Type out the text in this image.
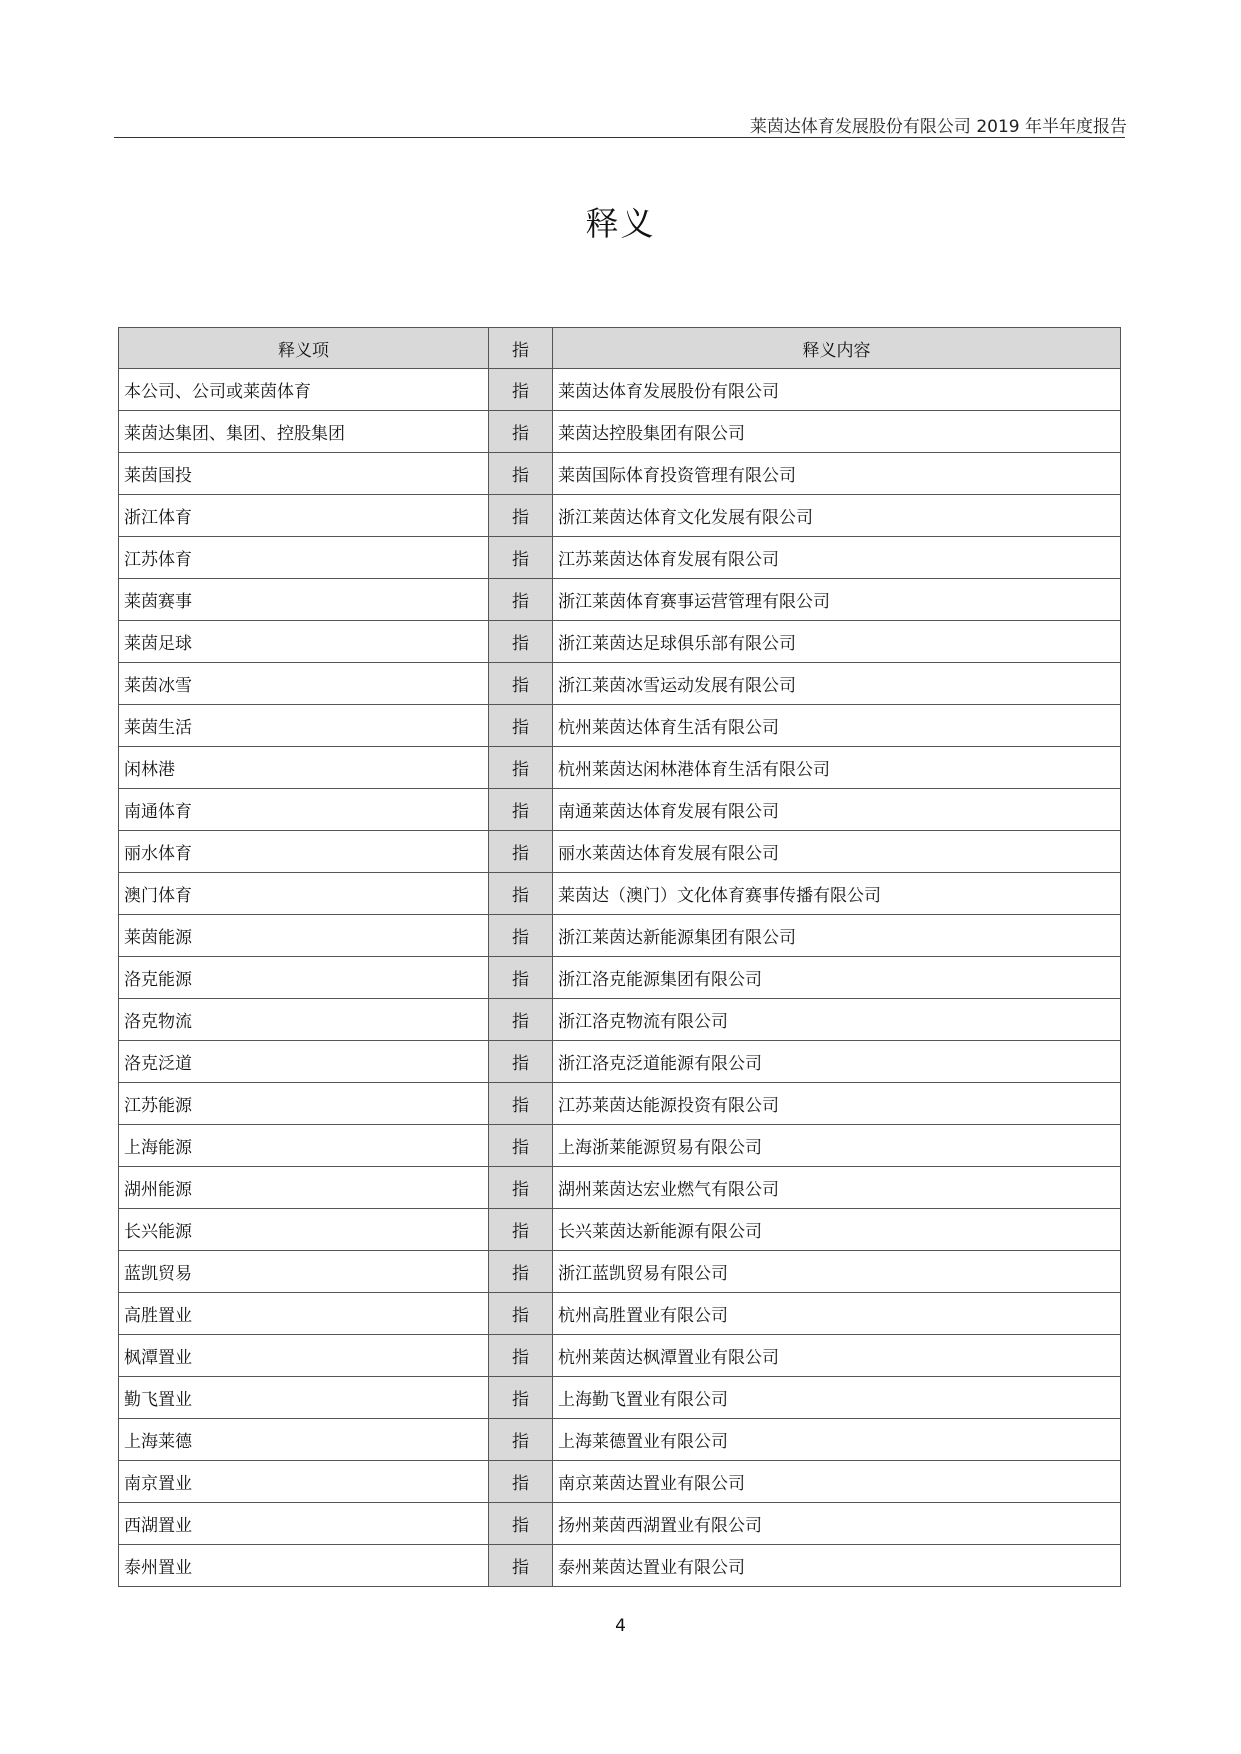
莱茵达体育发展股份有限公司 2019 年半年度报告
释义
释义项	指	释义内容
本公司、公司或莱茵体育	指	莱茵达体育发展股份有限公司
莱茵达集团、集团、控股集团	指	莱茵达控股集团有限公司
莱茵国投	指	莱茵国际体育投资管理有限公司
浙江体育	指	浙江莱茵达体育文化发展有限公司
江苏体育	指	江苏莱茵达体育发展有限公司
莱茵赛事	指	浙江莱茵体育赛事运营管理有限公司
莱茵足球	指	浙江莱茵达足球俱乐部有限公司
莱茵冰雪	指	浙江莱茵冰雪运动发展有限公司
莱茵生活	指	杭州莱茵达体育生活有限公司
闲林港	指	杭州莱茵达闲林港体育生活有限公司
南通体育	指	南通莱茵达体育发展有限公司
丽水体育	指	丽水莱茵达体育发展有限公司
澳门体育	指	莱茵达（澳门）文化体育赛事传播有限公司
莱茵能源	指	浙江莱茵达新能源集团有限公司
洛克能源	指	浙江洛克能源集团有限公司
洛克物流	指	浙江洛克物流有限公司
洛克泛道	指	浙江洛克泛道能源有限公司
江苏能源	指	江苏莱茵达能源投资有限公司
上海能源	指	上海浙莱能源贸易有限公司
湖州能源	指	湖州莱茵达宏业燃气有限公司
长兴能源	指	长兴莱茵达新能源有限公司
蓝凯贸易	指	浙江蓝凯贸易有限公司
高胜置业	指	杭州高胜置业有限公司
枫潭置业	指	杭州莱茵达枫潭置业有限公司
勤飞置业	指	上海勤飞置业有限公司
上海莱德	指	上海莱德置业有限公司
南京置业	指	南京莱茵达置业有限公司
西湖置业	指	扬州莱茵西湖置业有限公司
泰州置业	指	泰州莱茵达置业有限公司
4
